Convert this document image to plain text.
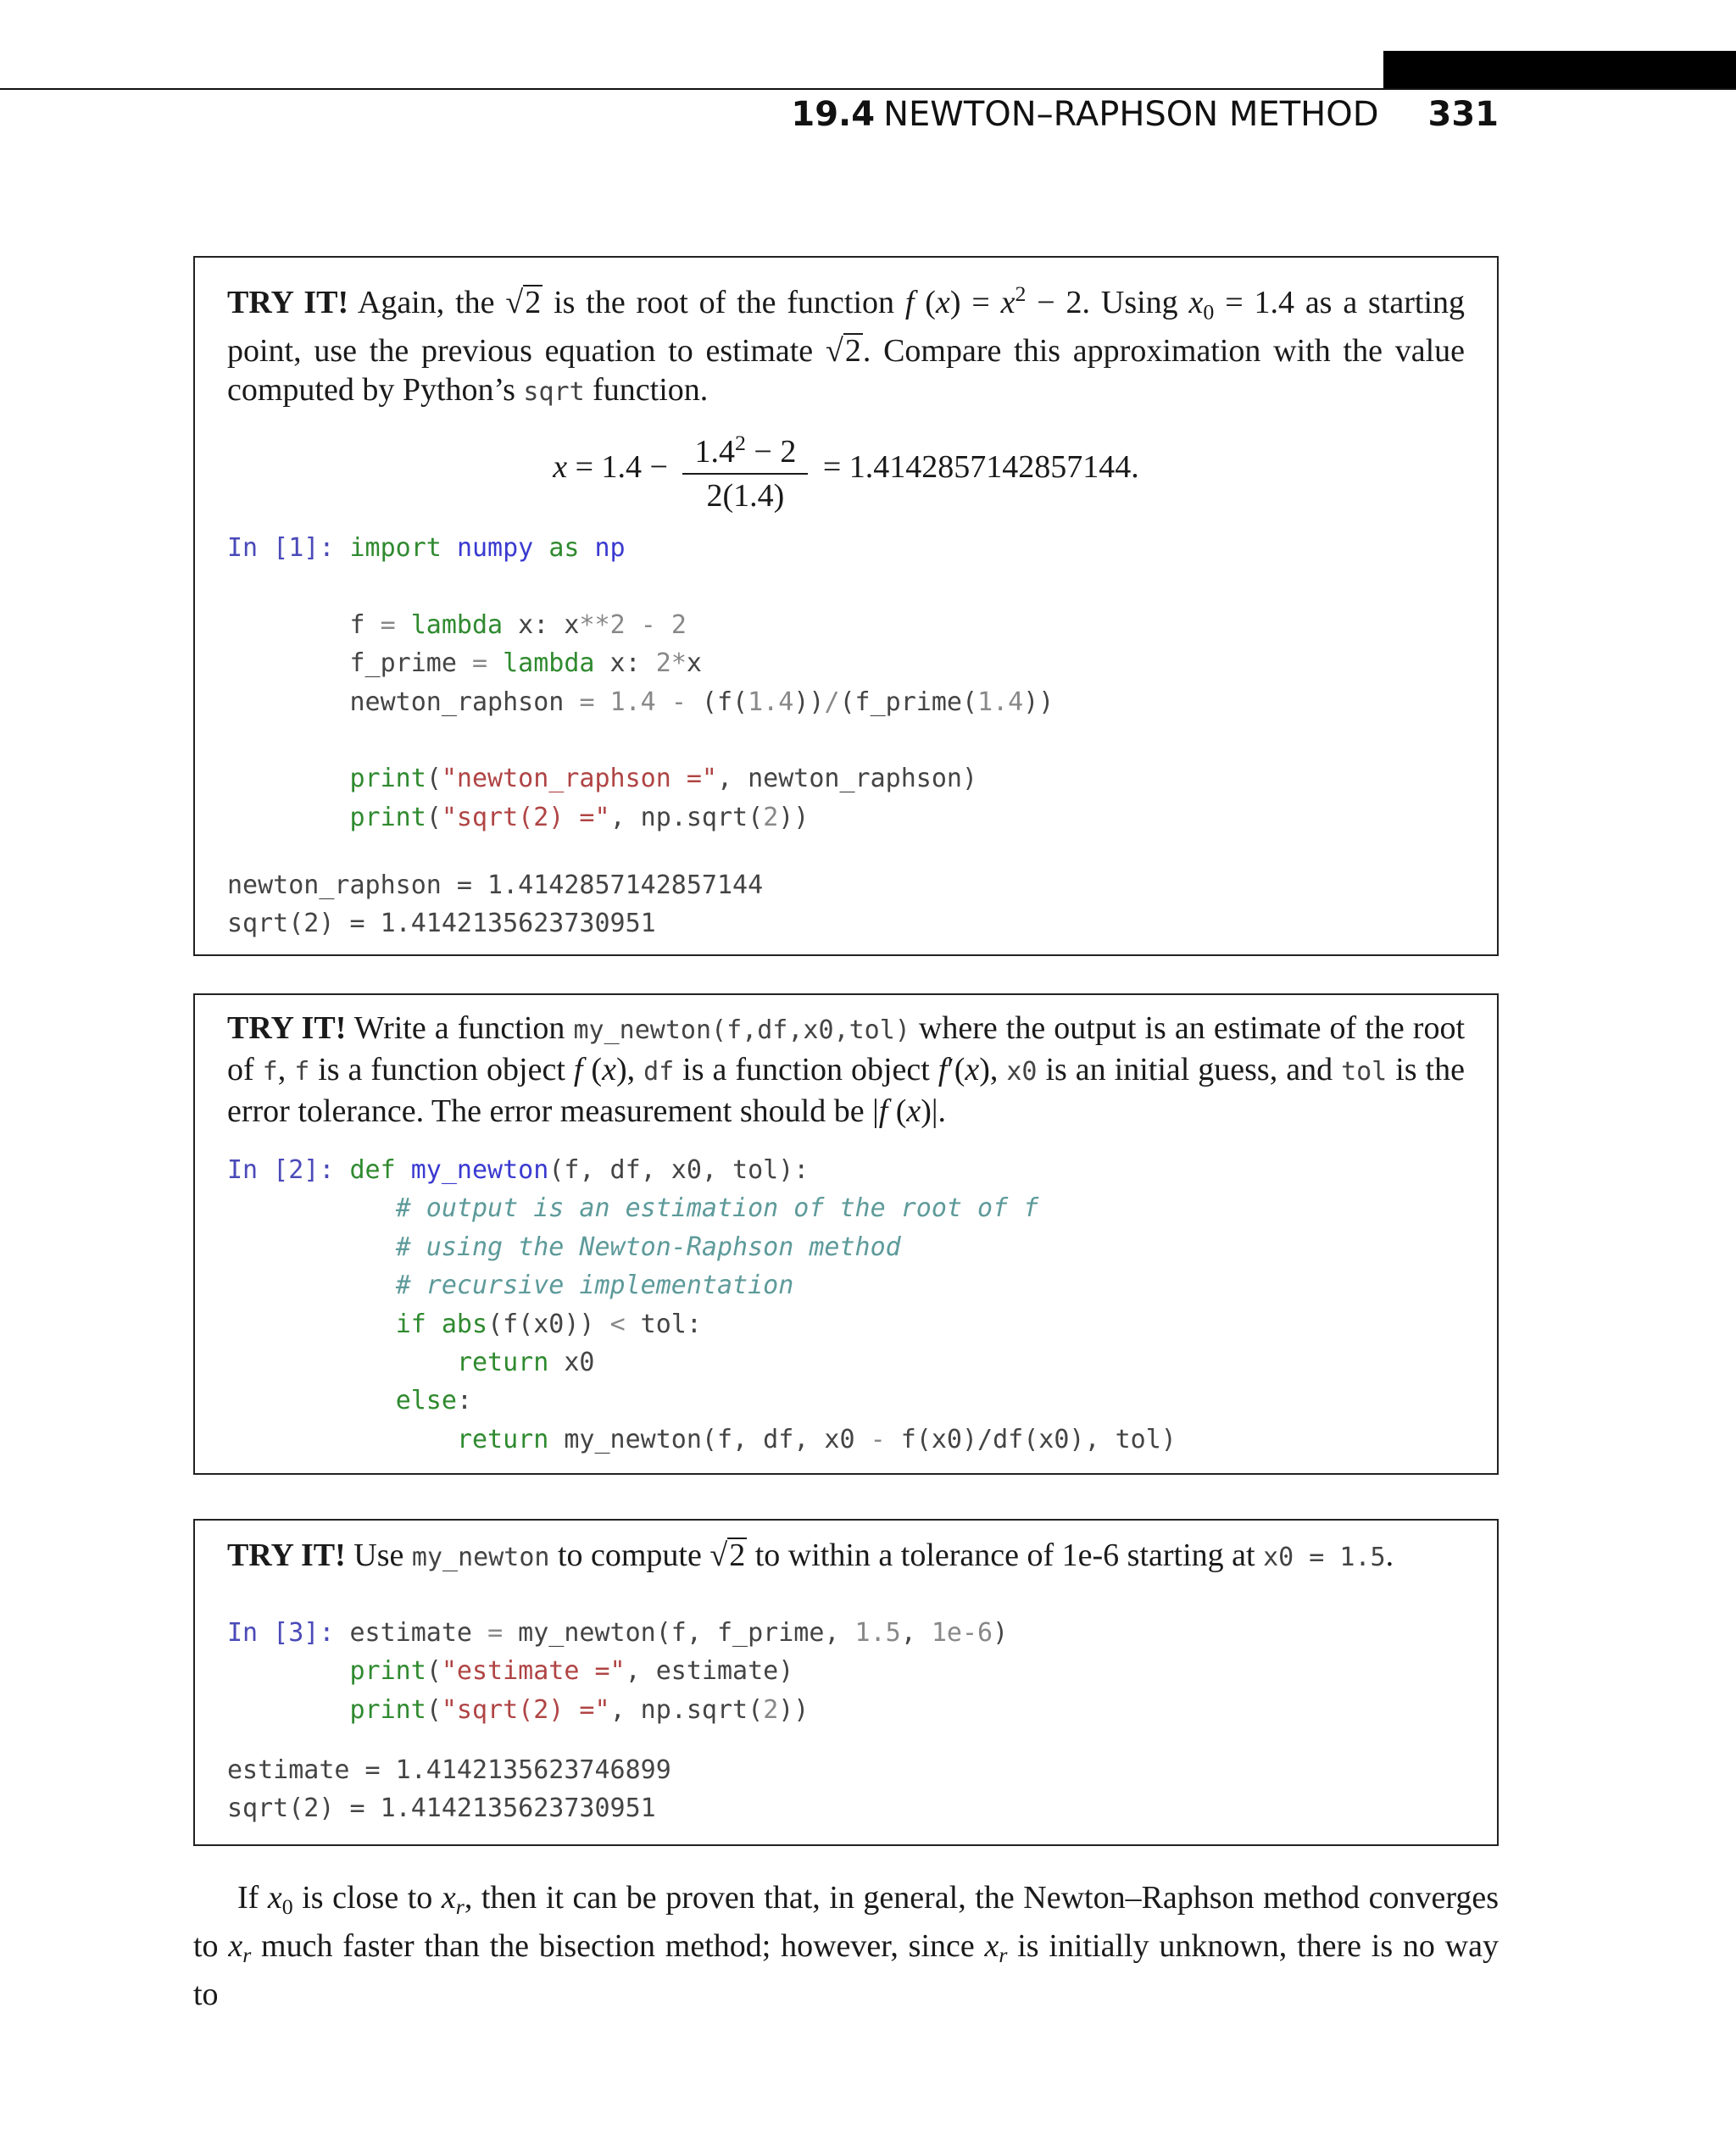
19.4 NEWTON–RAPHSON METHOD 331
TRY IT! Again, the √2 is the root of the function f $(x) = x^2 - 2$. Using $x_0 = 1.4$ as a starting point, use the previous equation to estimate √2. Compare this approximation with the value computed by Python’s sqrt function.
$x = 1.4 - \frac{1.4^2 - 2}{2(1.4)} = 1.4142857142857144$.
In [1]: import numpy as np

f = lambda x: x**2 - 2
f_prime = lambda x: 2*x
newton_raphson = 1.4 - (f(1.4))/(f_prime(1.4))

print("newton_raphson =", newton_raphson)
print("sqrt(2) =", np.sqrt(2))
newton_raphson = 1.4142857142857144
sqrt(2) = 1.4142135623730951
TRY IT! Write a function my_newton(f,df,x0,tol) where the output is an estimate of the root of f, f is a function object f (x), df is a function object f′(x), x0 is an initial guess, and tol is the error tolerance. The error measurement should be |f (x)|.
In [2]: def my_newton(f, df, x0, tol):
# output is an estimation of the root of f
# using the Newton-Raphson method
# recursive implementation
if abs(f(x0)) < tol:
return x0
else:
return my_newton(f, df, x0 - f(x0)/df(x0), tol)
TRY IT! Use my_newton to compute √2 to within a tolerance of 1e-6 starting at x0 = 1.5.
In [3]: estimate = my_newton(f, f_prime, 1.5, 1e-6)
print("estimate =", estimate)
print("sqrt(2) =", np.sqrt(2))
estimate = 1.4142135623746899
sqrt(2) = 1.4142135623730951
If $x_0$ is close to $x_r$, then it can be proven that, in general, the Newton–Raphson method converges to $x_r$ much faster than the bisection method; however, since $x_r$ is initially unknown, there is no way to
